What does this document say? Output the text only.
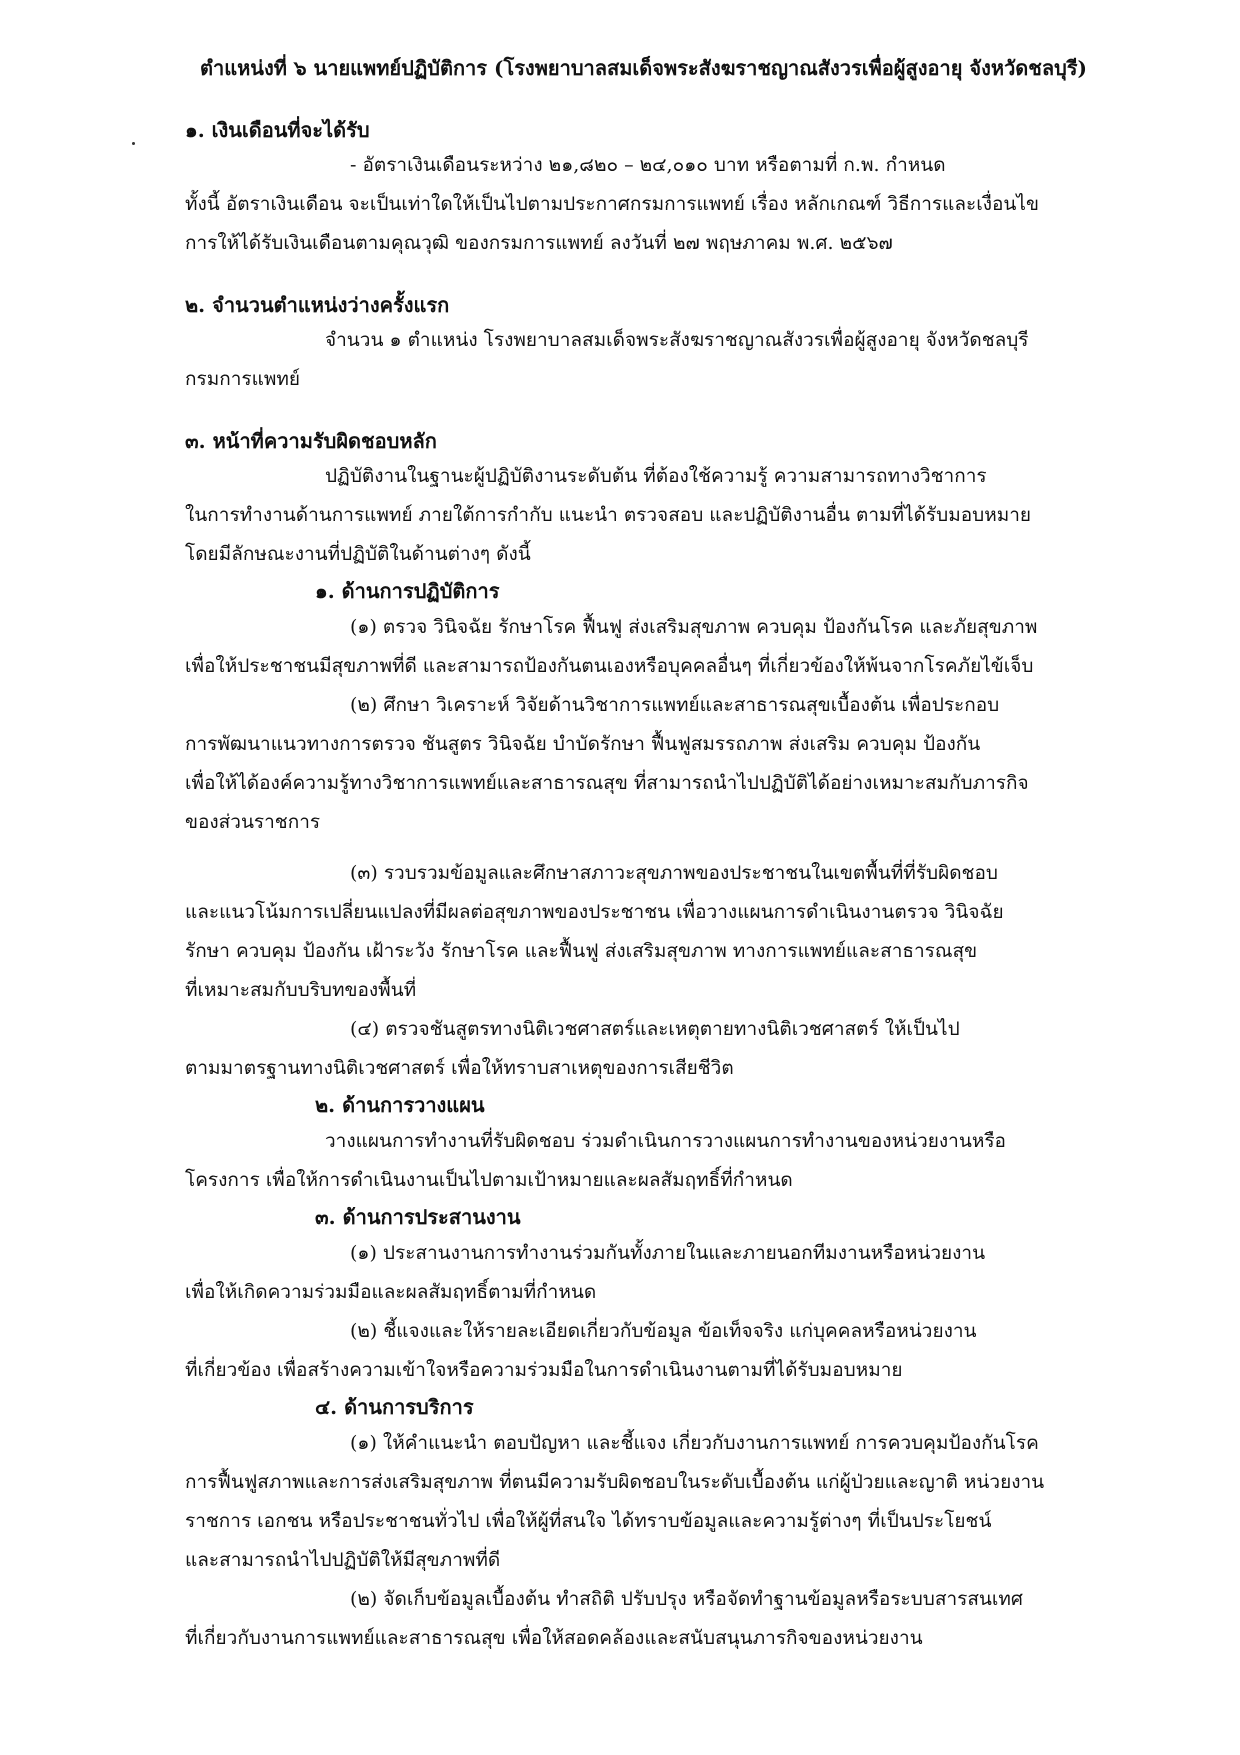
ตำแหน่งที่ ๖ นายแพทย์ปฏิบัติการ (โรงพยาบาลสมเด็จพระสังฆราชญาณสังวรเพื่อผู้สูงอายุ จังหวัดชลบุรี)

๑. เงินเดือนที่จะได้รับ

- อัตราเงินเดือนระหว่าง ๒๑,๘๒๐ – ๒๔,๐๑๐ บาท หรือตามที่ ก.พ. กำหนด
ทั้งนี้ อัตราเงินเดือน จะเป็นเท่าใดให้เป็นไปตามประกาศกรมการแพทย์ เรื่อง หลักเกณฑ์ วิธีการและเงื่อนไข
การให้ได้รับเงินเดือนตามคุณวุฒิ ของกรมการแพทย์ ลงวันที่ ๒๗ พฤษภาคม พ.ศ. ๒๕๖๗

๒. จำนวนตำแหน่งว่างครั้งแรก

จำนวน ๑ ตำแหน่ง โรงพยาบาลสมเด็จพระสังฆราชญาณสังวรเพื่อผู้สูงอายุ จังหวัดชลบุรี
กรมการแพทย์

๓. หน้าที่ความรับผิดชอบหลัก

ปฏิบัติงานในฐานะผู้ปฏิบัติงานระดับต้น ที่ต้องใช้ความรู้ ความสามารถทางวิชาการ
ในการทำงานด้านการแพทย์ ภายใต้การกำกับ แนะนำ ตรวจสอบ และปฏิบัติงานอื่น ตามที่ได้รับมอบหมาย
โดยมีลักษณะงานที่ปฏิบัติในด้านต่างๆ ดังนี้

๑. ด้านการปฏิบัติการ

(๑) ตรวจ วินิจฉัย รักษาโรค ฟื้นฟู ส่งเสริมสุขภาพ ควบคุม ป้องกันโรค และภัยสุขภาพ
เพื่อให้ประชาชนมีสุขภาพที่ดี และสามารถป้องกันตนเองหรือบุคคลอื่นๆ ที่เกี่ยวข้องให้พ้นจากโรคภัยไข้เจ็บ

(๒) ศึกษา วิเคราะห์ วิจัยด้านวิชาการแพทย์และสาธารณสุขเบื้องต้น เพื่อประกอบ
การพัฒนาแนวทางการตรวจ ชันสูตร วินิจฉัย บำบัดรักษา ฟื้นฟูสมรรถภาพ ส่งเสริม ควบคุม ป้องกัน
เพื่อให้ได้องค์ความรู้ทางวิชาการแพทย์และสาธารณสุข ที่สามารถนำไปปฏิบัติได้อย่างเหมาะสมกับภารกิจ
ของส่วนราชการ

(๓) รวบรวมข้อมูลและศึกษาสภาวะสุขภาพของประชาชนในเขตพื้นที่ที่รับผิดชอบ
และแนวโน้มการเปลี่ยนแปลงที่มีผลต่อสุขภาพของประชาชน เพื่อวางแผนการดำเนินงานตรวจ วินิจฉัย
รักษา ควบคุม ป้องกัน เฝ้าระวัง รักษาโรค และฟื้นฟู ส่งเสริมสุขภาพ ทางการแพทย์และสาธารณสุข
ที่เหมาะสมกับบริบทของพื้นที่

(๔) ตรวจชันสูตรทางนิติเวชศาสตร์และเหตุตายทางนิติเวชศาสตร์ ให้เป็นไป
ตามมาตรฐานทางนิติเวชศาสตร์ เพื่อให้ทราบสาเหตุของการเสียชีวิต

๒. ด้านการวางแผน

วางแผนการทำงานที่รับผิดชอบ ร่วมดำเนินการวางแผนการทำงานของหน่วยงานหรือ
โครงการ เพื่อให้การดำเนินงานเป็นไปตามเป้าหมายและผลสัมฤทธิ์ที่กำหนด

๓. ด้านการประสานงาน

(๑) ประสานงานการทำงานร่วมกันทั้งภายในและภายนอกทีมงานหรือหน่วยงาน
เพื่อให้เกิดความร่วมมือและผลสัมฤทธิ์ตามที่กำหนด

(๒) ชี้แจงและให้รายละเอียดเกี่ยวกับข้อมูล ข้อเท็จจริง แก่บุคคลหรือหน่วยงาน
ที่เกี่ยวข้อง เพื่อสร้างความเข้าใจหรือความร่วมมือในการดำเนินงานตามที่ได้รับมอบหมาย

๔. ด้านการบริการ

(๑) ให้คำแนะนำ ตอบปัญหา และชี้แจง เกี่ยวกับงานการแพทย์ การควบคุมป้องกันโรค
การฟื้นฟูสภาพและการส่งเสริมสุขภาพ ที่ตนมีความรับผิดชอบในระดับเบื้องต้น แก่ผู้ป่วยและญาติ หน่วยงาน
ราชการ เอกชน หรือประชาชนทั่วไป เพื่อให้ผู้ที่สนใจ ได้ทราบข้อมูลและความรู้ต่างๆ ที่เป็นประโยชน์
และสามารถนำไปปฏิบัติให้มีสุขภาพที่ดี

(๒) จัดเก็บข้อมูลเบื้องต้น ทำสถิติ ปรับปรุง หรือจัดทำฐานข้อมูลหรือระบบสารสนเทศ
ที่เกี่ยวกับงานการแพทย์และสาธารณสุข เพื่อให้สอดคล้องและสนับสนุนภารกิจของหน่วยงาน
